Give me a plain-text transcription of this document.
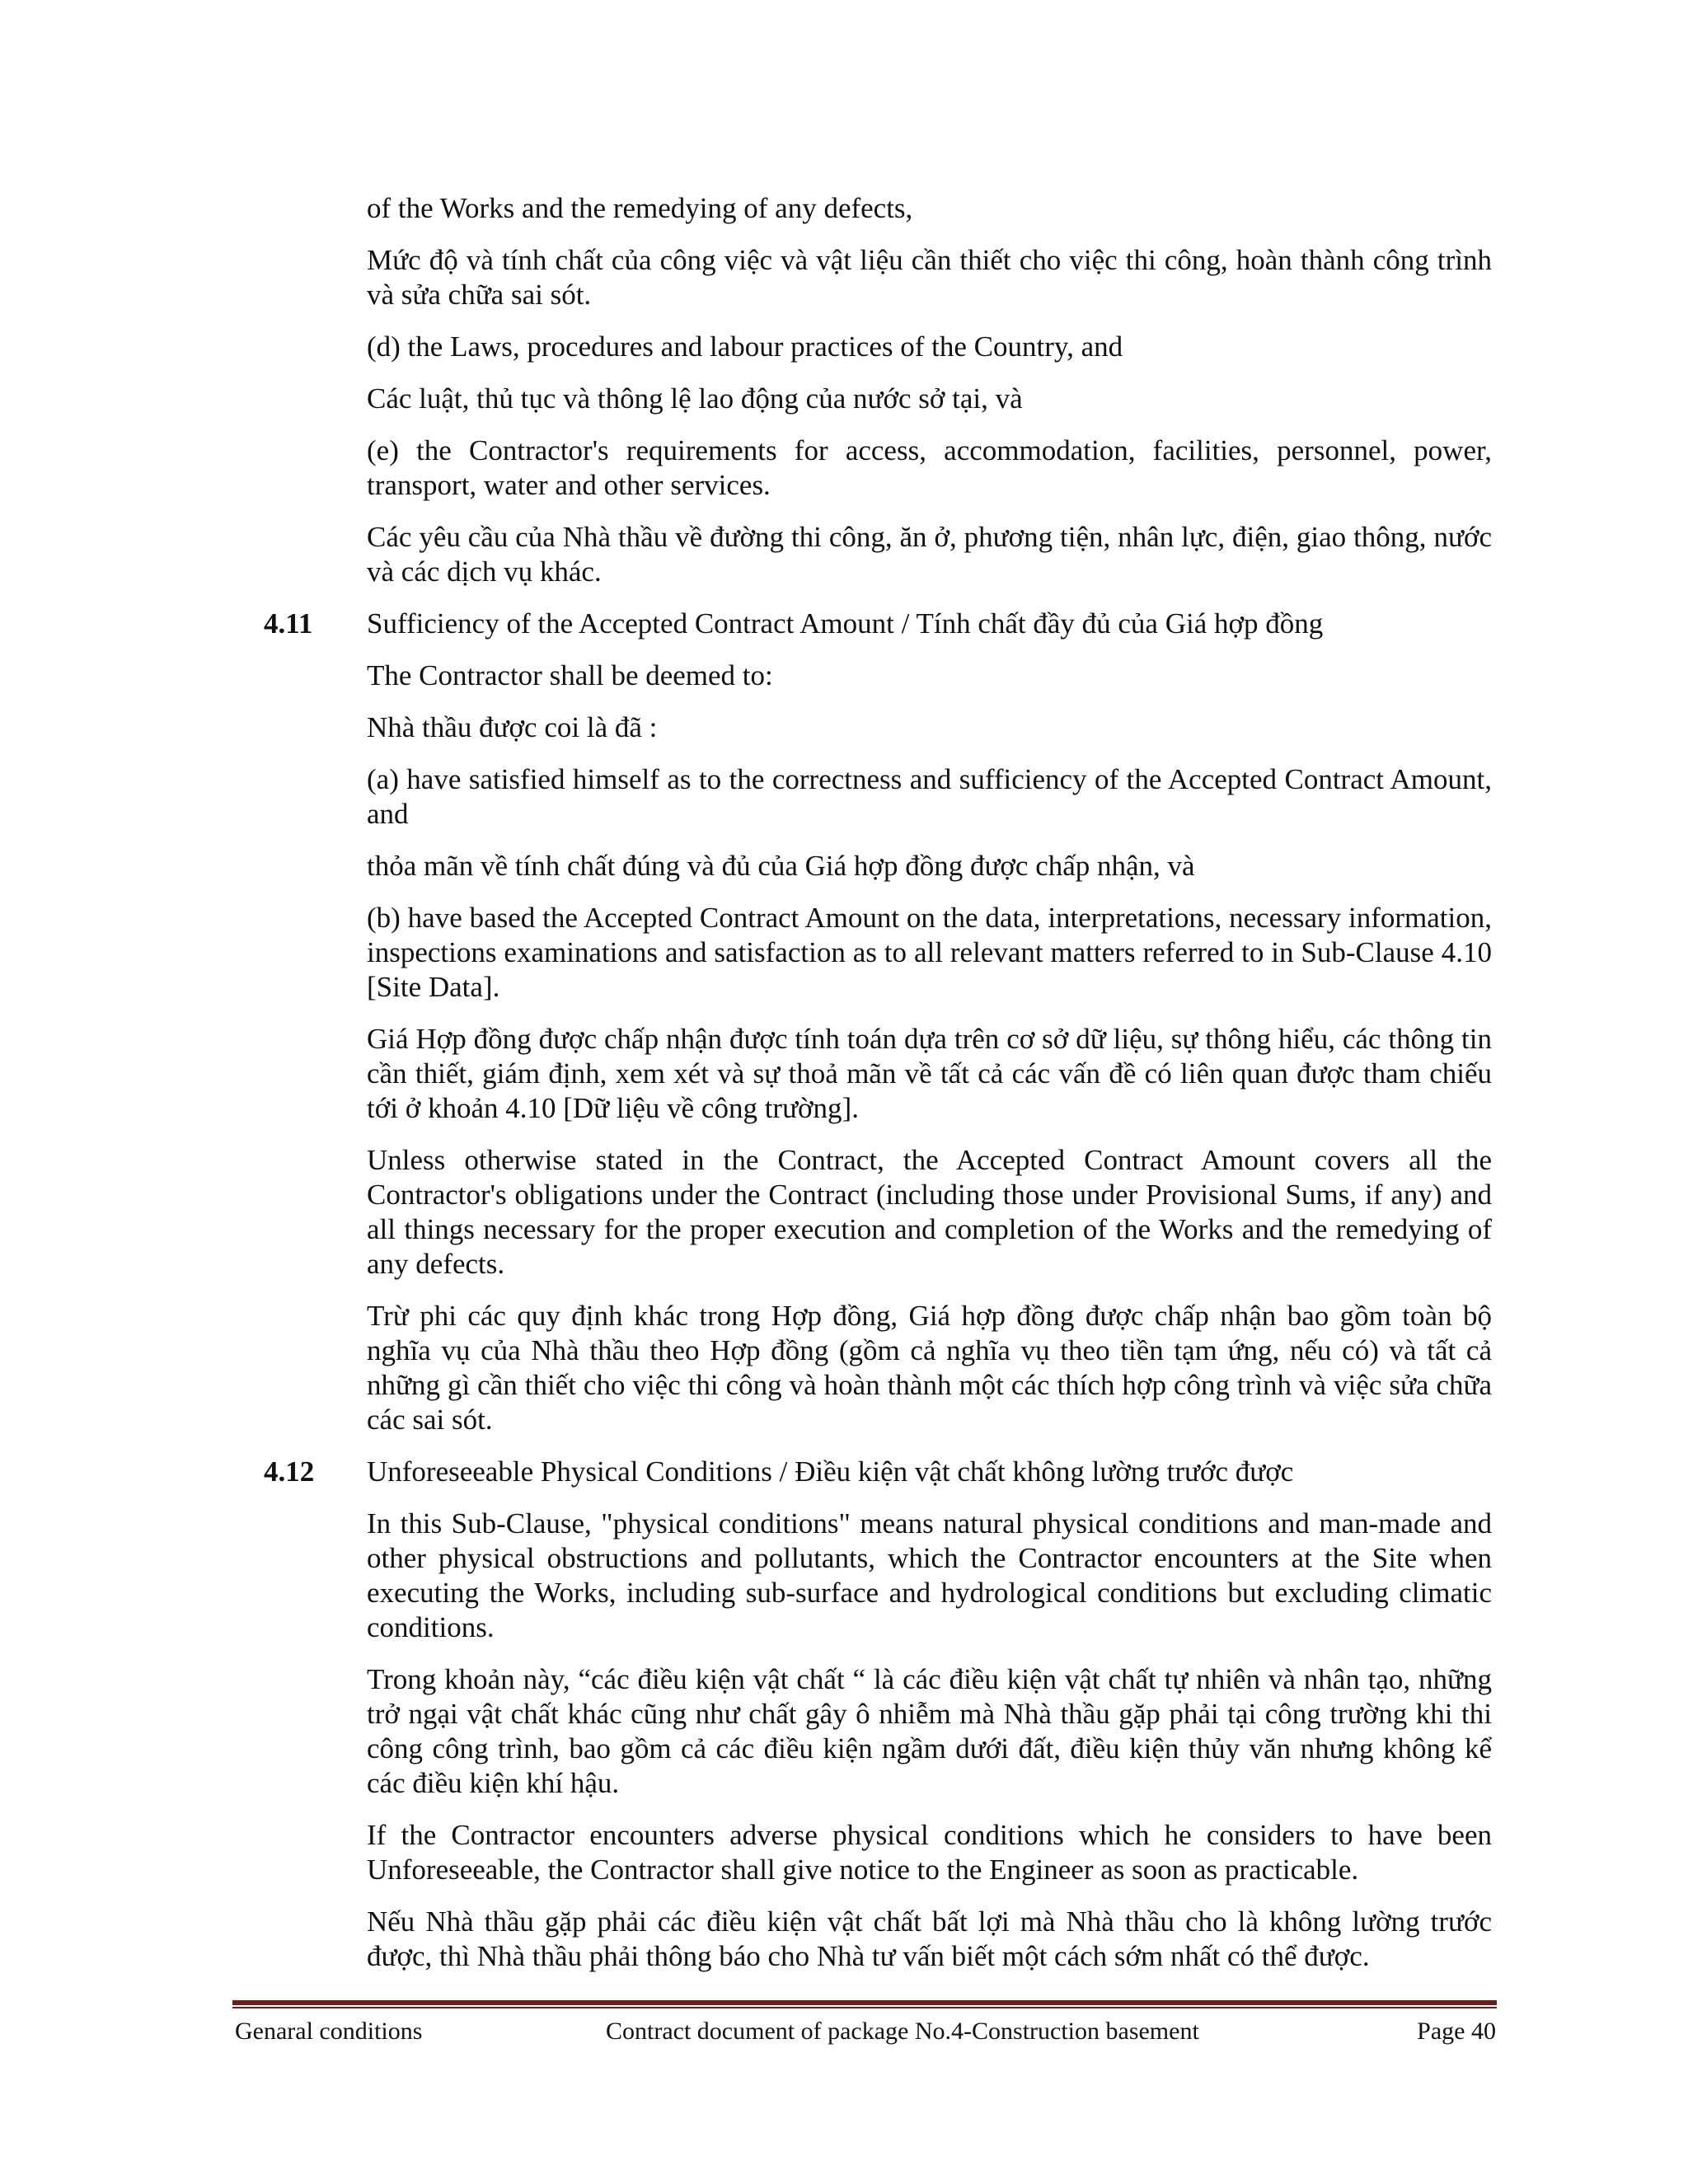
of the Works and the remedying of any defects,

Mức độ và tính chất của công việc và vật liệu cần thiết cho việc thi công, hoàn thành công trình và sửa chữa sai sót.

(d) the Laws, procedures and labour practices of the Country, and

Các luật, thủ tục và thông lệ lao động của nước sở tại, và

(e) the Contractor's requirements for access, accommodation, facilities, personnel, power, transport, water and other services.

Các yêu cầu của Nhà thầu về đường thi công, ăn ở, phương tiện, nhân lực, điện, giao thông, nước và các dịch vụ khác.

4.11 Sufficiency of the Accepted Contract Amount / Tính chất đầy đủ của Giá hợp đồng

The Contractor shall be deemed to:

Nhà thầu được coi là đã :

(a) have satisfied himself as to the correctness and sufficiency of the Accepted Contract Amount, and

thỏa mãn về tính chất đúng và đủ của Giá hợp đồng được chấp nhận, và

(b) have based the Accepted Contract Amount on the data, interpretations, necessary information, inspections examinations and satisfaction as to all relevant matters referred to in Sub-Clause 4.10 [Site Data].

Giá Hợp đồng được chấp nhận được tính toán dựa trên cơ sở dữ liệu, sự thông hiểu, các thông tin cần thiết, giám định, xem xét và sự thoả mãn về tất cả các vấn đề có liên quan được tham chiếu tới ở khoản 4.10 [Dữ liệu về công trường].

Unless otherwise stated in the Contract, the Accepted Contract Amount covers all the Contractor's obligations under the Contract (including those under Provisional Sums, if any) and all things necessary for the proper execution and completion of the Works and the remedying of any defects.

Trừ phi các quy định khác trong Hợp đồng, Giá hợp đồng được chấp nhận bao gồm toàn bộ nghĩa vụ của Nhà thầu theo Hợp đồng (gồm cả nghĩa vụ theo tiền tạm ứng, nếu có) và tất cả những gì cần thiết cho việc thi công và hoàn thành một các thích hợp công trình và việc sửa chữa các sai sót.

4.12 Unforeseeable Physical Conditions / Điều kiện vật chất không lường trước được

In this Sub-Clause, "physical conditions" means natural physical conditions and man-made and other physical obstructions and pollutants, which the Contractor encounters at the Site when executing the Works, including sub-surface and hydrological conditions but excluding climatic conditions.

Trong khoản này, “các điều kiện vật chất “ là các điều kiện vật chất tự nhiên và nhân tạo, những trở ngại vật chất khác cũng như chất gây ô nhiễm mà Nhà thầu gặp phải tại công trường khi thi công công trình, bao gồm cả các điều kiện ngầm dưới đất, điều kiện thủy văn nhưng không kể các điều kiện khí hậu.

If the Contractor encounters adverse physical conditions which he considers to have been Unforeseeable, the Contractor shall give notice to the Engineer as soon as practicable.

Nếu Nhà thầu gặp phải các điều kiện vật chất bất lợi mà Nhà thầu cho là không lường trước được, thì Nhà thầu phải thông báo cho Nhà tư vấn biết một cách sớm nhất có thể được.

Genaral conditions	Contract document of package No.4-Construction basement	Page 40
